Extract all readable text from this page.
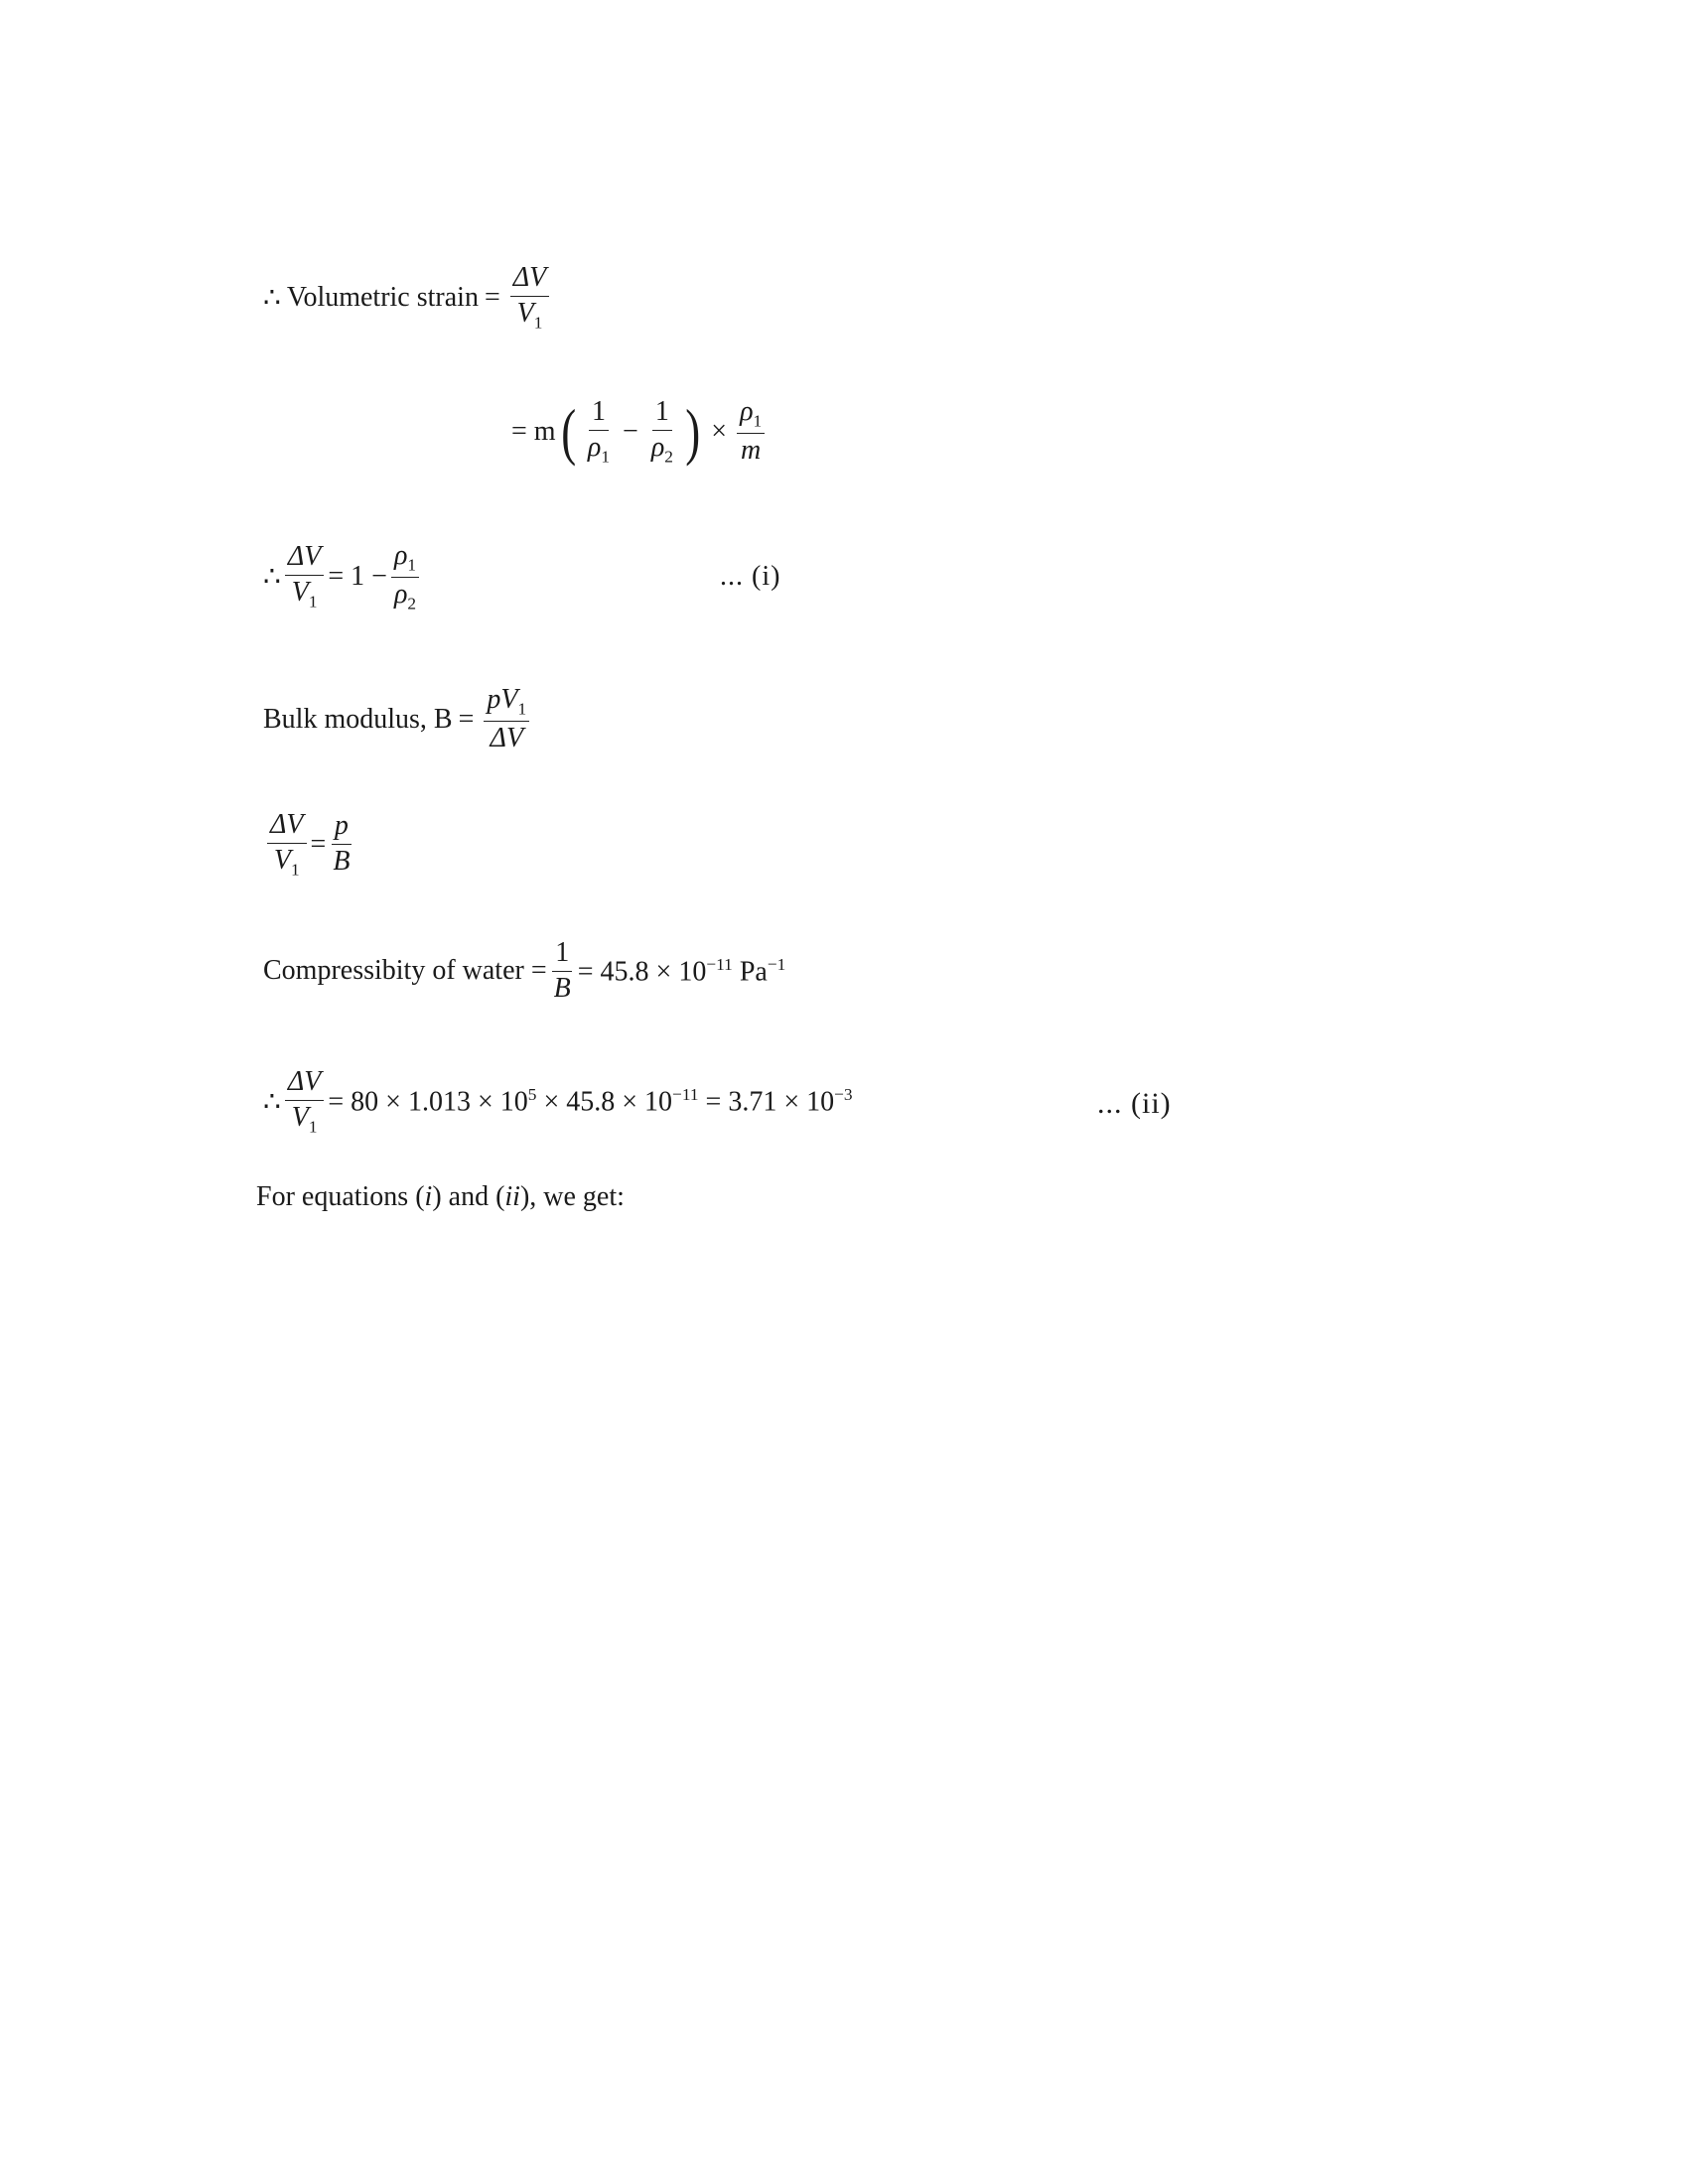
∴ Volumetric strain = $\frac{\Delta V}{V_1}$
= m ( $\frac{1}{\rho_1} - \frac{1}{\rho_2}$ ) × $\frac{\rho_1}{m}$
∴ $\frac{\Delta V}{V_1} = 1 - \frac{\rho_1}{\rho_2}$	... (i)
Bulk modulus, $B = \frac{pV_1}{\Delta V}$
$\frac{\Delta V}{V_1} = \frac{p}{B}$
Compressibity of water = $\frac{1}{B} = 45.8 \times 10^{-11}$ $Pa^{-1}$
∴ $\frac{\Delta V}{V_1} = 80 \times 1.013 \times 10^5 \times 45.8 \times 10^{-11} = 3.71 \times 10^{-3}$	... (ii)
For equations (i) and (ii), we get:
